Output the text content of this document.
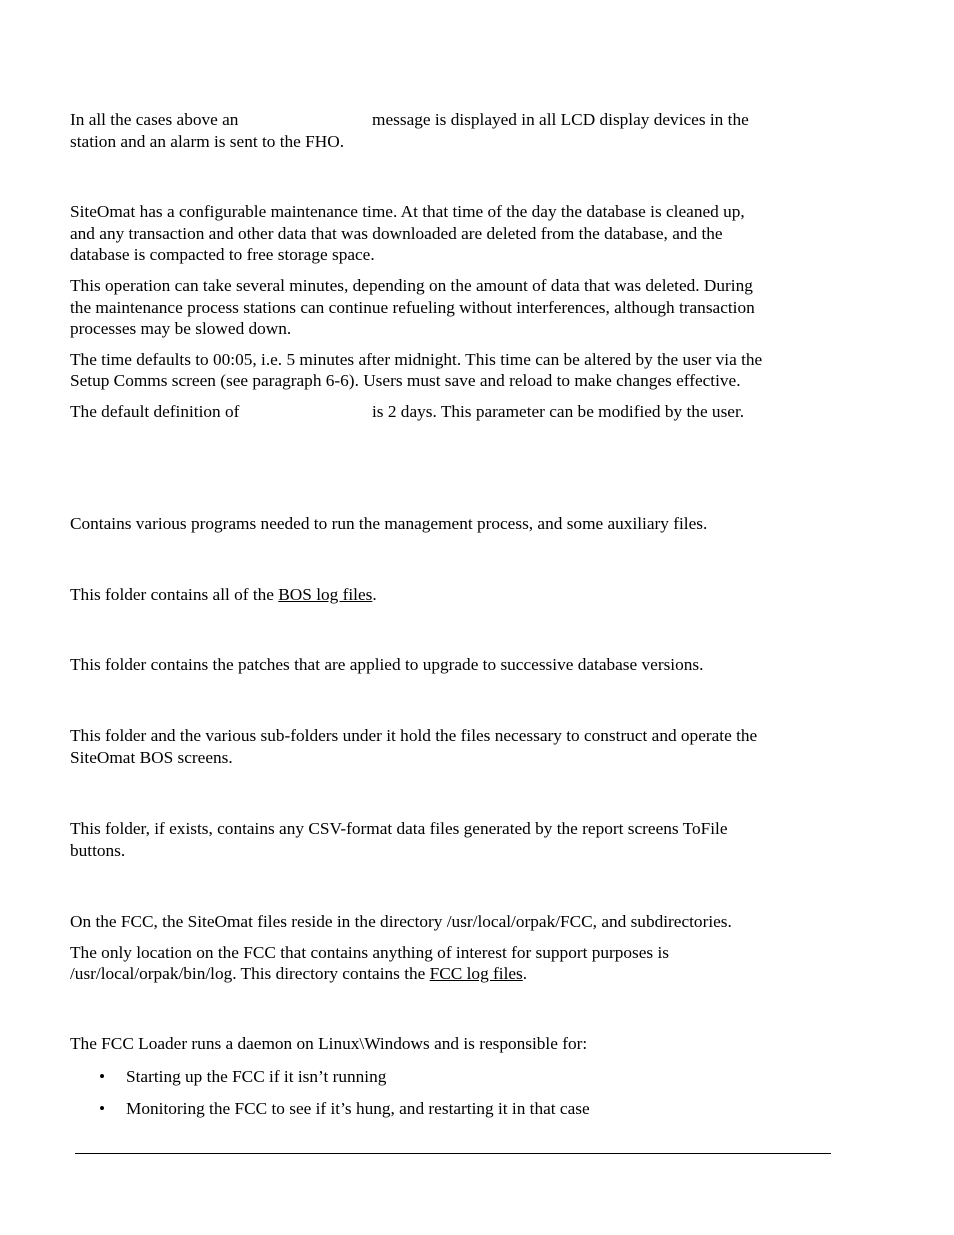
In all the cases above an	message is displayed in all LCD display devices in the
station and an alarm is sent to the FHO.
SiteOmat has a configurable maintenance time. At that time of the day the database is cleaned up,
and any transaction and other data that was downloaded are deleted from the database, and the
database is compacted to free storage space.
This operation can take several minutes, depending on the amount of data that was deleted. During
the maintenance process stations can continue refueling without interferences, although transaction
processes may be slowed down.
The time defaults to 00:05, i.e. 5 minutes after midnight. This time can be altered by the user via the
Setup Comms screen (see paragraph 6-6). Users must save and reload to make changes effective.
The default definition of	is 2 days. This parameter can be modified by the user.
Contains various programs needed to run the management process, and some auxiliary files.
This folder contains all of the BOS log files.
This folder contains the patches that are applied to upgrade to successive database versions.
This folder and the various sub-folders under it hold the files necessary to construct and operate the
SiteOmat BOS screens.
This folder, if exists, contains any CSV-format data files generated by the report screens ToFile
buttons.
On the FCC, the SiteOmat files reside in the directory /usr/local/orpak/FCC, and subdirectories.
The only location on the FCC that contains anything of interest for support purposes is
/usr/local/orpak/bin/log. This directory contains the FCC log files.
The FCC Loader runs a daemon on Linux\Windows and is responsible for:
• Starting up the FCC if it isn’t running
• Monitoring the FCC to see if it’s hung, and restarting it in that case
